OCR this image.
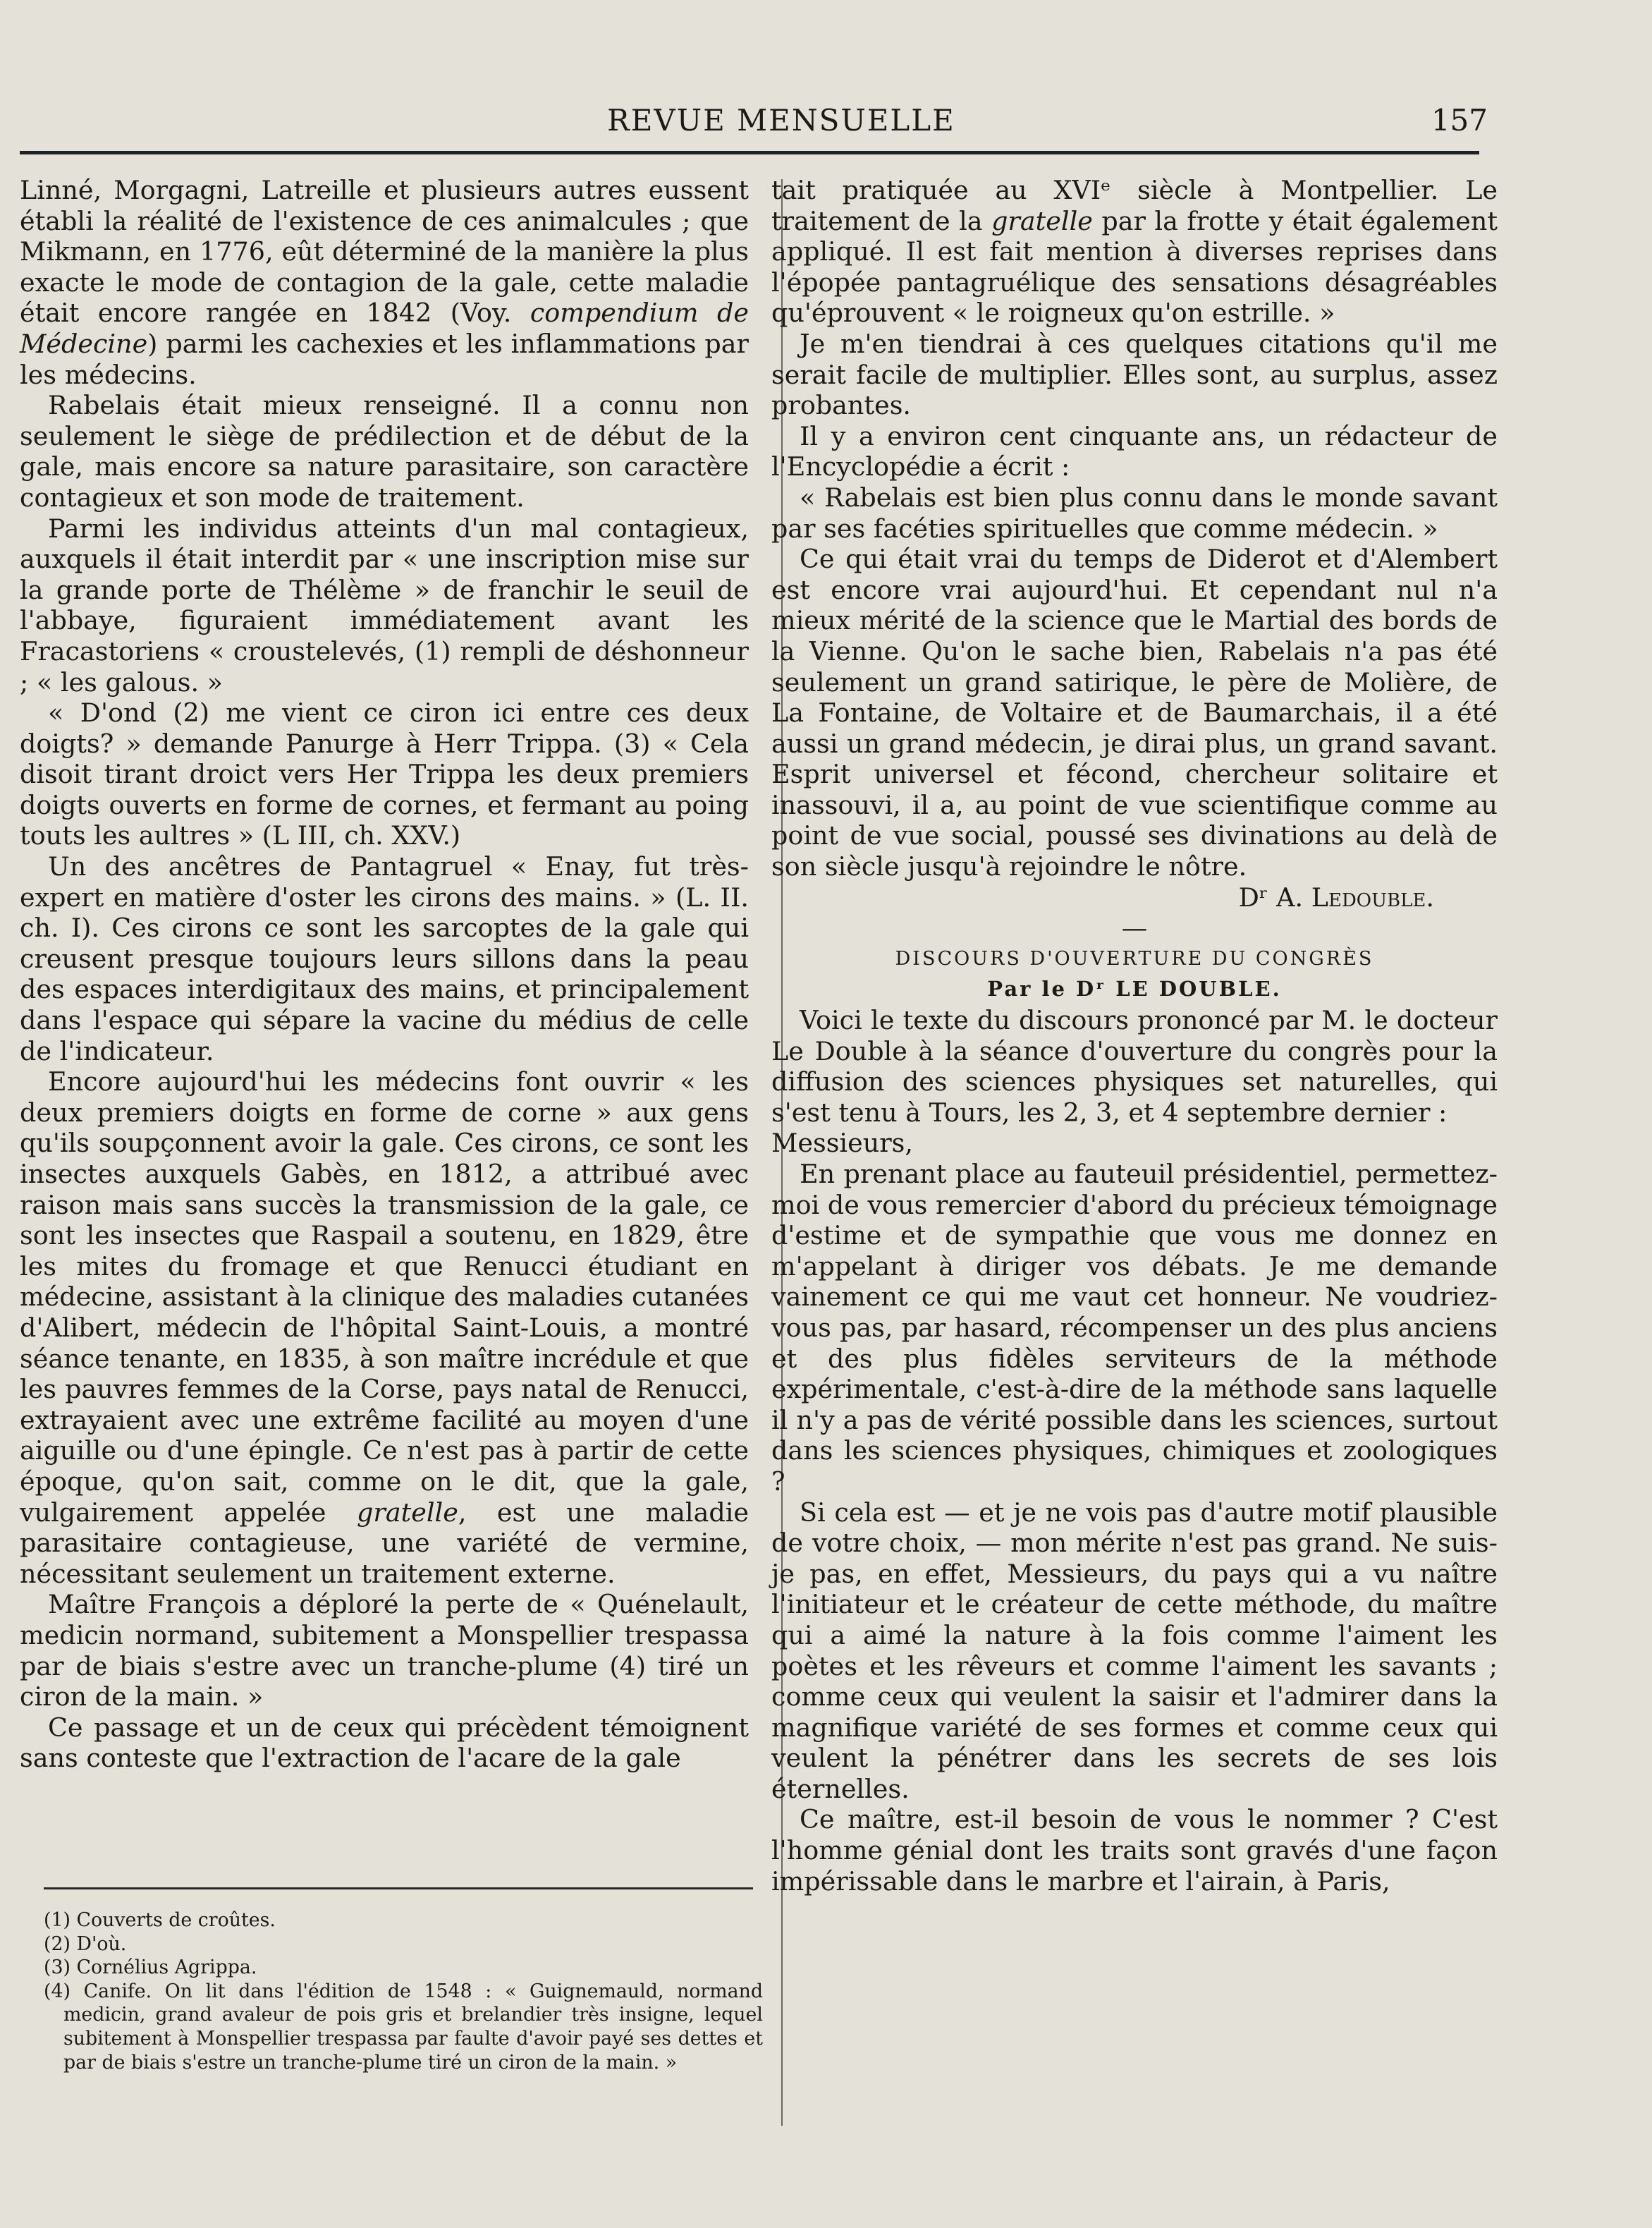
REVUE MENSUELLE	157

Linné, Morgagni, Latreille et plusieurs autres eussent établi la réalité de l'existence de ces animalcules ; que Mikmann, en 1776, eût déterminé de la manière la plus exacte le mode de contagion de la gale, cette maladie était encore rangée en 1842 (Voy. compendium de Médecine) parmi les cachexies et les inflammations par les médecins.

Rabelais était mieux renseigné. Il a connu non seulement le siège de prédilection et de début de la gale, mais encore sa nature parasitaire, son caractère contagieux et son mode de traitement.

Parmi les individus atteints d'un mal contagieux, auxquels il était interdit par « une inscription mise sur la grande porte de Thélème » de franchir le seuil de l'abbaye, figuraient immédiatement avant les Fracastoriens « croustelevés, (1) rempli de déshonneur ; « les galous. »

« D'ond (2) me vient ce ciron ici entre ces deux doigts? » demande Panurge à Herr Trippa. (3) « Cela disoit tirant droict vers Her Trippa les deux premiers doigts ouverts en forme de cornes, et fermant au poing touts les aultres » (L III, ch. XXV.)

Un des ancêtres de Pantagruel « Enay, fut très-expert en matière d'oster les cirons des mains. » (L. II. ch. I). Ces cirons ce sont les sarcoptes de la gale qui creusent presque toujours leurs sillons dans la peau des espaces interdigitaux des mains, et principalement dans l'espace qui sépare la vacine du médius de celle de l'indicateur.

Encore aujourd'hui les médecins font ouvrir « les deux premiers doigts en forme de corne » aux gens qu'ils soupçonnent avoir la gale. Ces cirons, ce sont les insectes auxquels Gabès, en 1812, a attribué avec raison mais sans succès la transmission de la gale, ce sont les insectes que Raspail a soutenu, en 1829, être les mites du fromage et que Renucci étudiant en médecine, assistant à la clinique des maladies cutanées d'Alibert, médecin de l'hôpital Saint-Louis, a montré séance tenante, en 1835, à son maître incrédule et que les pauvres femmes de la Corse, pays natal de Renucci, extrayaient avec une extrême facilité au moyen d'une aiguille ou d'une épingle. Ce n'est pas à partir de cette époque, qu'on sait, comme on le dit, que la gale, vulgairement appelée gratelle, est une maladie parasitaire contagieuse, une variété de vermine, nécessitant seulement un traitement externe.

Maître François a déploré la perte de « Quénelault, medicin normand, subitement a Monspellier trespassa par de biais s'estre avec un tranche-plume (4) tiré un ciron de la main. »

Ce passage et un de ceux qui précèdent témoignent sans conteste que l'extraction de l'acare de la gale

(1) Couverts de croûtes.

(2) D'où.

(3) Cornélius Agrippa.

(4) Canife. On lit dans l'édition de 1548 : « Guignemauld, normand medicin, grand avaleur de pois gris et brelandier très insigne, lequel subitement à Monspellier trespassa par faulte d'avoir payé ses dettes et par de biais s'estre un tranche-plume tiré un ciron de la main. »

tait pratiquée au XVIᵉ siècle à Montpellier. Le traitement de la gratelle par la frotte y était également appliqué. Il est fait mention à diverses reprises dans l'épopée pantagruélique des sensations désagréables qu'éprouvent « le roigneux qu'on estrille. »

Je m'en tiendrai à ces quelques citations qu'il me serait facile de multiplier. Elles sont, au surplus, assez probantes.

Il y a environ cent cinquante ans, un rédacteur de l'Encyclopédie a écrit :

« Rabelais est bien plus connu dans le monde savant par ses facéties spirituelles que comme médecin. »

Ce qui était vrai du temps de Diderot et d'Alembert est encore vrai aujourd'hui. Et cependant nul n'a mieux mérité de la science que le Martial des bords de la Vienne. Qu'on le sache bien, Rabelais n'a pas été seulement un grand satirique, le père de Molière, de La Fontaine, de Voltaire et de Baumarchais, il a été aussi un grand médecin, je dirai plus, un grand savant. Esprit universel et fécond, chercheur solitaire et inassouvi, il a, au point de vue scientifique comme au point de vue social, poussé ses divinations au delà de son siècle jusqu'à rejoindre le nôtre.

Dʳ A. Ledouble.

—

DISCOURS D'OUVERTURE DU CONGRÈS

Par le Dʳ LE DOUBLE.

Voici le texte du discours prononcé par M. le docteur Le Double à la séance d'ouverture du congrès pour la diffusion des sciences physiques set naturelles, qui s'est tenu à Tours, les 2, 3, et 4 septembre dernier :

Messieurs,

En prenant place au fauteuil présidentiel, permettez-moi de vous remercier d'abord du précieux témoignage d'estime et de sympathie que vous me donnez en m'appelant à diriger vos débats. Je me demande vainement ce qui me vaut cet honneur. Ne voudriez-vous pas, par hasard, récompenser un des plus anciens et des plus fidèles serviteurs de la méthode expérimentale, c'est-à-dire de la méthode sans laquelle il n'y a pas de vérité possible dans les sciences, surtout dans les sciences physiques, chimiques et zoologiques ?

Si cela est — et je ne vois pas d'autre motif plausible de votre choix, — mon mérite n'est pas grand. Ne suis-je pas, en effet, Messieurs, du pays qui a vu naître l'initiateur et le créateur de cette méthode, du maître qui a aimé la nature à la fois comme l'aiment les poètes et les rêveurs et comme l'aiment les savants ; comme ceux qui veulent la saisir et l'admirer dans la magnifique variété de ses formes et comme ceux qui veulent la pénétrer dans les secrets de ses lois éternelles.

Ce maître, est-il besoin de vous le nommer ? C'est l'homme génial dont les traits sont gravés d'une façon impérissable dans le marbre et l'airain, à Paris,
